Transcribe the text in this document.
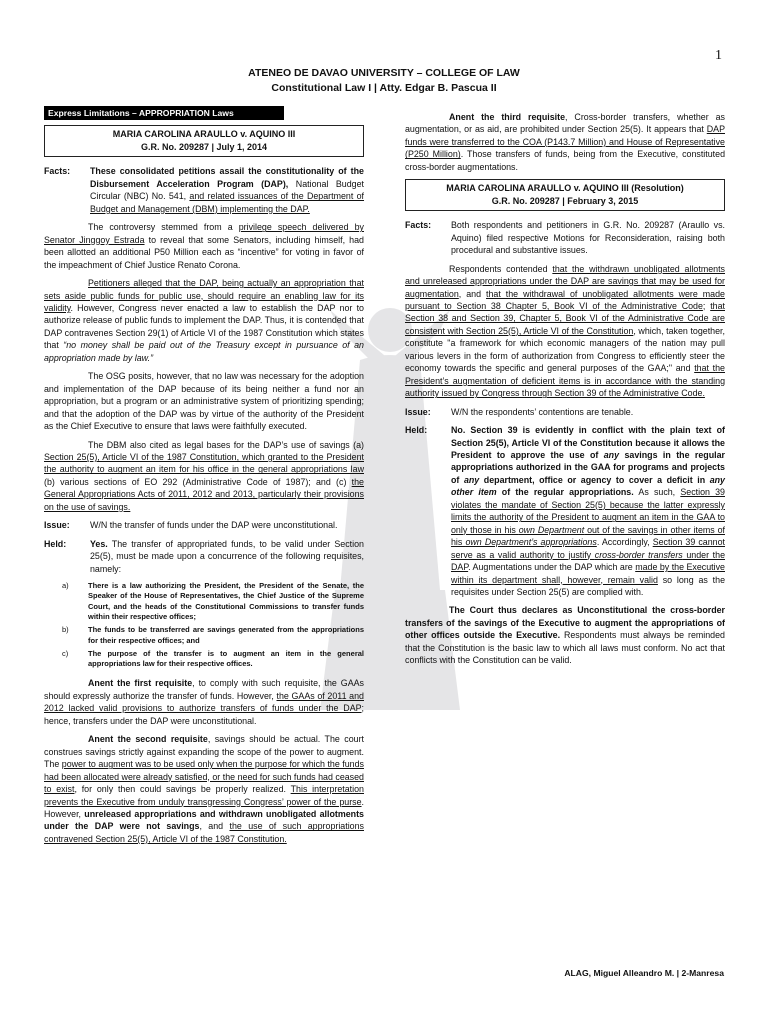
1
ATENEO DE DAVAO UNIVERSITY – COLLEGE OF LAW
Constitutional Law I | Atty. Edgar B. Pascua II
Express Limitations – APPROPRIATION Laws
MARIA CAROLINA ARAULLO v. AQUINO III
G.R. No. 209287 | July 1, 2014
Facts:	These consolidated petitions assail the constitutionality of the Disbursement Acceleration Program (DAP), National Budget Circular (NBC) No. 541, and related issuances of the Department of Budget and Management (DBM) implementing the DAP.

The controversy stemmed from a privilege speech delivered by Senator Jinggoy Estrada to reveal that some Senators, including himself, had been allotted an additional P50 Million each as “incentive” for voting in favor of the impeachment of Chief Justice Renato Corona.

Petitioners alleged that the DAP, being actually an appropriation that sets aside public funds for public use, should require an enabling law for its validity. However, Congress never enacted a law to establish the DAP nor to authorize release of public funds to implement the DAP. Thus, it is contended that DAP contravenes Section 29(1) of Article VI of the 1987 Constitution which states that “no money shall be paid out of the Treasury except in pursuance of an appropriation made by law.”

The OSG posits, however, that no law was necessary for the adoption and implementation of the DAP because of its being neither a fund nor an appropriation, but a program or an administrative system of prioritizing spending; and that the adoption of the DAP was by virtue of the authority of the President as the Chief Executive to ensure that laws were faithfully executed.

The DBM also cited as legal bases for the DAP’s use of savings (a) Section 25(5), Article VI of the 1987 Constitution, which granted to the President the authority to augment an item for his office in the general appropriations law (b) various sections of EO 292 (Administrative Code of 1987); and (c) the General Appropriations Acts of 2011, 2012 and 2013, particularly their provisions on the use of savings.

Issue:	W/N the transfer of funds under the DAP were unconstitutional.
Held:	Yes. The transfer of appropriated funds, to be valid under Section 25(5), must be made upon a concurrence of the following requisites, namely:
a)	There is a law authorizing the President, the President of the Senate, the Speaker of the House of Representatives, the Chief Justice of the Supreme Court, and the heads of the Constitutional Commissions to transfer funds within their respective offices;
b)	The funds to be transferred are savings generated from the appropriations for their respective offices; and
c)	The purpose of the transfer is to augment an item in the general appropriations law for their respective offices.

Anent the first requisite, to comply with such requisite, the GAAs should expressly authorize the transfer of funds. However, the GAAs of 2011 and 2012 lacked valid provisions to authorize transfers of funds under the DAP; hence, transfers under the DAP were unconstitutional.

Anent the second requisite, savings should be actual. The court construes savings strictly against expanding the scope of the power to augment. The power to augment was to be used only when the purpose for which the funds had been allocated were already satisfied, or the need for such funds had ceased to exist, for only then could savings be properly realized. This interpretation prevents the Executive from unduly transgressing Congress’ power of the purse. However, unreleased appropriations and withdrawn unobligated allotments under the DAP were not savings, and the use of such appropriations contravened Section 25(5), Article VI of the 1987 Constitution.

Anent the third requisite, Cross-border transfers, whether as augmentation, or as aid, are prohibited under Section 25(5). It appears that DAP funds were transferred to the COA (P143.7 Million) and House of Representative (P250 Million). Those transfers of funds, being from the Executive, constituted cross-border augmentations.

MARIA CAROLINA ARAULLO v. AQUINO III (Resolution)
G.R. No. 209287 | February 3, 2015
Facts:	Both respondents and petitioners in G.R. No. 209287 (Araullo vs. Aquino) filed respective Motions for Reconsideration, raising both procedural and substantive issues.

Respondents contended that the withdrawn unobligated allotments and unreleased appropriations under the DAP are savings that may be used for augmentation, and that the withdrawal of unobligated allotments were made pursuant to Section 38 Chapter 5, Book VI of the Administrative Code; that Section 38 and Section 39, Chapter 5, Book VI of the Administrative Code are consistent with Section 25(5), Article VI of the Constitution, which, taken together, constitute "a framework for which economic managers of the nation may pull various levers in the form of authorization from Congress to efficiently steer the economy towards the specific and general purposes of the GAA;" and that the President’s augmentation of deficient items is in accordance with the standing authority issued by Congress through Section 39 of the Administrative Code.

Issue:	W/N the respondents’ contentions are tenable.
Held:	No. Section 39 is evidently in conflict with the plain text of Section 25(5), Article VI of the Constitution because it allows the President to approve the use of any savings in the regular appropriations authorized in the GAA for programs and projects of any department, office or agency to cover a deficit in any other item of the regular appropriations. As such, Section 39 violates the mandate of Section 25(5) because the latter expressly limits the authority of the President to augment an item in the GAA to only those in his own Department out of the savings in other items of his own Department’s appropriations. Accordingly, Section 39 cannot serve as a valid authority to justify cross-border transfers under the DAP. Augmentations under the DAP which are made by the Executive within its department shall, however, remain valid so long as the requisites under Section 25(5) are complied with.

The Court thus declares as Unconstitutional the cross-border transfers of the savings of the Executive to augment the appropriations of other offices outside the Executive. Respondents must always be reminded that the Constitution is the basic law to which all laws must conform. No act that conflicts with the Constitution can be valid.

ALAG, Miguel Alleandro M. | 2-Manresa
